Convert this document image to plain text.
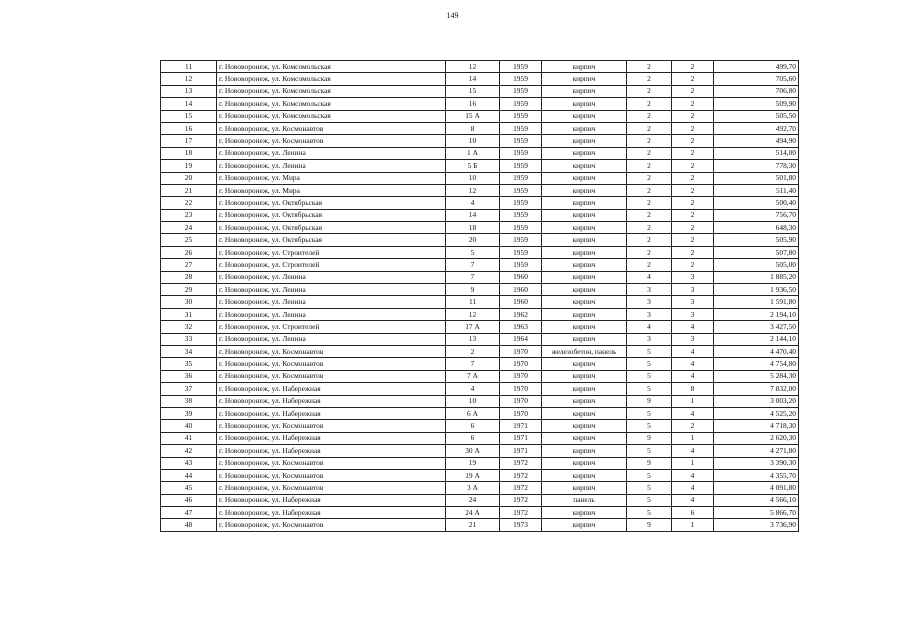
149
11	г. Нововоронеж, ул. Комсомольская	12	1959	кирпич	2	2	499,70
12	г. Нововоронеж, ул. Комсомольская	14	1959	кирпич	2	2	705,60
13	г. Нововоронеж, ул. Комсомольская	15	1959	кирпич	2	2	706,80
14	г. Нововоронеж, ул. Комсомольская	16	1959	кирпич	2	2	509,90
15	г. Нововоронеж, ул. Комсомольская	15 А	1959	кирпич	2	2	505,50
16	г. Нововоронеж, ул. Космонавтов	8	1959	кирпич	2	2	492,70
17	г. Нововоронеж, ул. Космонавтов	10	1959	кирпич	2	2	494,90
18	г. Нововоронеж, ул. Ленина	1 А	1959	кирпич	2	2	514,00
19	г. Нововоронеж, ул. Ленина	5 Б	1959	кирпич	2	2	778,30
20	г. Нововоронеж, ул. Мира	10	1959	кирпич	2	2	501,80
21	г. Нововоронеж, ул. Мира	12	1959	кирпич	2	2	511,40
22	г. Нововоронеж, ул. Октябрьская	4	1959	кирпич	2	2	500,40
23	г. Нововоронеж, ул. Октябрьская	14	1959	кирпич	2	2	756,70
24	г. Нововоронеж, ул. Октябрьская	18	1959	кирпич	2	2	648,30
25	г. Нововоронеж, ул. Октябрьская	20	1959	кирпич	2	2	505,90
26	г. Нововоронеж, ул. Строителей	5	1959	кирпич	2	2	507,80
27	г. Нововоронеж, ул. Строителей	7	1959	кирпич	2	2	505,00
28	г. Нововоронеж, ул. Ленина	7	1960	кирпич	4	3	1 885,20
29	г. Нововоронеж, ул. Ленина	9	1960	кирпич	3	3	1 936,50
30	г. Нововоронеж, ул. Ленина	11	1960	кирпич	3	3	1 591,80
31	г. Нововоронеж, ул. Ленина	12	1962	кирпич	3	3	2 194,10
32	г. Нововоронеж, ул. Строителей	17 А	1963	кирпич	4	4	3 427,50
33	г. Нововоронеж, ул. Ленина	13	1964	кирпич	3	3	2 144,10
34	г. Нововоронеж, ул. Космонавтов	2	1970	железобетон, панель	5	4	4 470,40
35	г. Нововоронеж, ул. Космонавтов	7	1970	кирпич	5	4	4 754,80
36	г. Нововоронеж, ул. Космонавтов	7 А	1970	кирпич	5	4	5 284,30
37	г. Нововоронеж, ул. Набережная	4	1970	кирпич	5	8	7 832,00
38	г. Нововоронеж, ул. Набережная	10	1970	кирпич	9	1	3 003,20
39	г. Нововоронеж, ул. Набережная	6 А	1970	кирпич	5	4	4 525,20
40	г. Нововоронеж, ул. Космонавтов	6	1971	кирпич	5	2	4 718,30
41	г. Нововоронеж, ул. Набережная	6	1971	кирпич	9	1	2 620,30
42	г. Нововоронеж, ул. Набережная	30 А	1971	кирпич	5	4	4 271,80
43	г. Нововоронеж, ул. Космонавтов	19	1972	кирпич	9	1	3 390,30
44	г. Нововоронеж, ул. Космонавтов	19 А	1972	кирпич	5	4	4 355,70
45	г. Нововоронеж, ул. Космонавтов	3 А	1972	кирпич	5	4	4 091,80
46	г. Нововоронеж, ул. Набережная	24	1972	панель	5	4	4 566,10
47	г. Нововоронеж, ул. Набережная	24 А	1972	кирпич	5	6	5 866,70
48	г. Нововоронеж, ул. Космонавтов	21	1973	кирпич	9	1	3 736,90
